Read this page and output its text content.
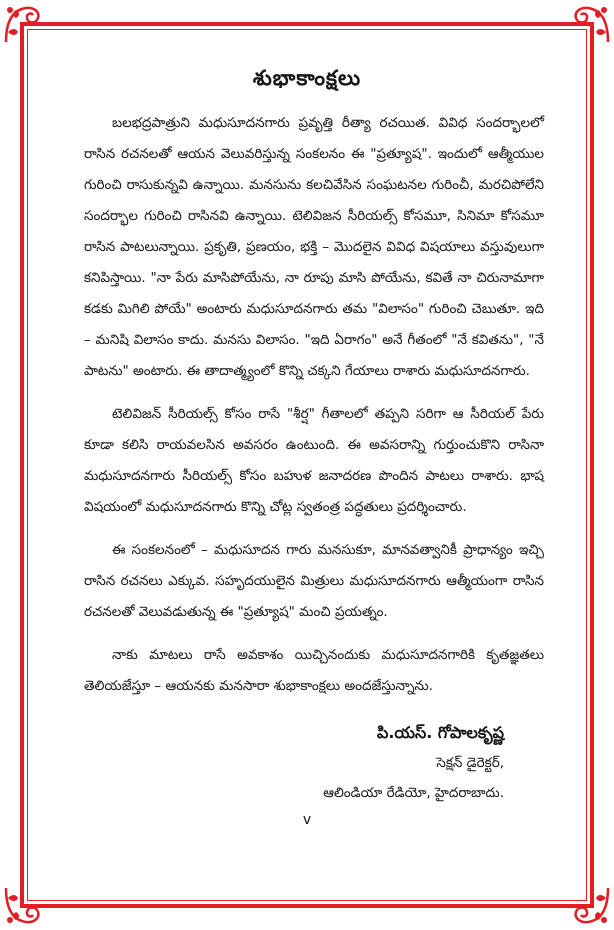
శుభాకాంక్షలు

బలభద్రపాత్రుని మధుసూదనగారు ప్రవృత్తి రీత్యా రచయిత. వివిధ సందర్భాలలో రాసిన రచనలతో ఆయన వెలువరిస్తున్న సంకలనం ఈ "ప్రత్యూష". ఇందులో ఆత్మీయుల గురించి రాసుకున్నవి ఉన్నాయి. మనసును కలచివేసిన సంఘటనల గురించీ, మరచిపోలేని సందర్భాల గురించి రాసినవి ఉన్నాయి. టెలివిజన సీరియల్స్ కోసమూ, సినిమా కోసమూ రాసిన పాటలున్నాయి. ప్రకృతి, ప్రణయం, భక్తి – మొదలైన వివిధ విషయాలు వస్తువులుగా కనిపిస్తాయి. "నా పేరు మాసిపోయేను, నా రూపు మాసి పోయేను, కవితే నా చిరునామాగా కడకు మిగిలి పోయే" అంటారు మధుసూదనగారు తమ "విలాసం" గురించి చెబుతూ. ఇది – మనిషి విలాసం కాదు. మనసు విలాసం. "ఇది ఏరాగం" అనే గీతంలో "నే కవితను", "నే పాటను" అంటారు. ఈ తాదాత్మ్యంలో కొన్ని చక్కని గేయాలు రాశారు మధుసూదనగారు.

టెలివిజన్ సీరియల్స్ కోసం రాసే "శీర్ష" గీతాలలో తప్పని సరిగా ఆ సీరియల్ పేరు కూడా కలిసి రాయవలసిన అవసరం ఉంటుంది. ఈ అవసరాన్ని గుర్తుంచుకొని రాసినా మధుసూదనగారు సీరియల్స్ కోసం బహుళ జనాదరణ పొందిన పాటలు రాశారు. భాష విషయంలో మధుసూదనగారు కొన్ని చోట్ల స్వతంత్ర పద్ధతులు ప్రదర్శించారు.

ఈ సంకలనంలో – మధుసూదన గారు మనసుకూ, మానవత్వానికీ ప్రాధాన్యం ఇచ్చి రాసిన రచనలు ఎక్కువ. సహృదయులైన మిత్రులు మధుసూదనగారు ఆత్మీయంగా రాసిన రచనలతో వెలువడుతున్న ఈ "ప్రత్యూష" మంచి ప్రయత్నం.

నాకు మాటలు రాసే అవకాశం యిచ్చినందుకు మధుసూదనగారికి కృతజ్ఞతలు తెలియజేస్తూ – ఆయనకు మనసారా శుభాకాంక్షలు అందజేస్తున్నాను.

పి.యస్. గోపాలకృష్ణ
సెక్షన్ డైరెక్టర్,
ఆలిండియా రేడియో, హైదరాబాదు.
v
